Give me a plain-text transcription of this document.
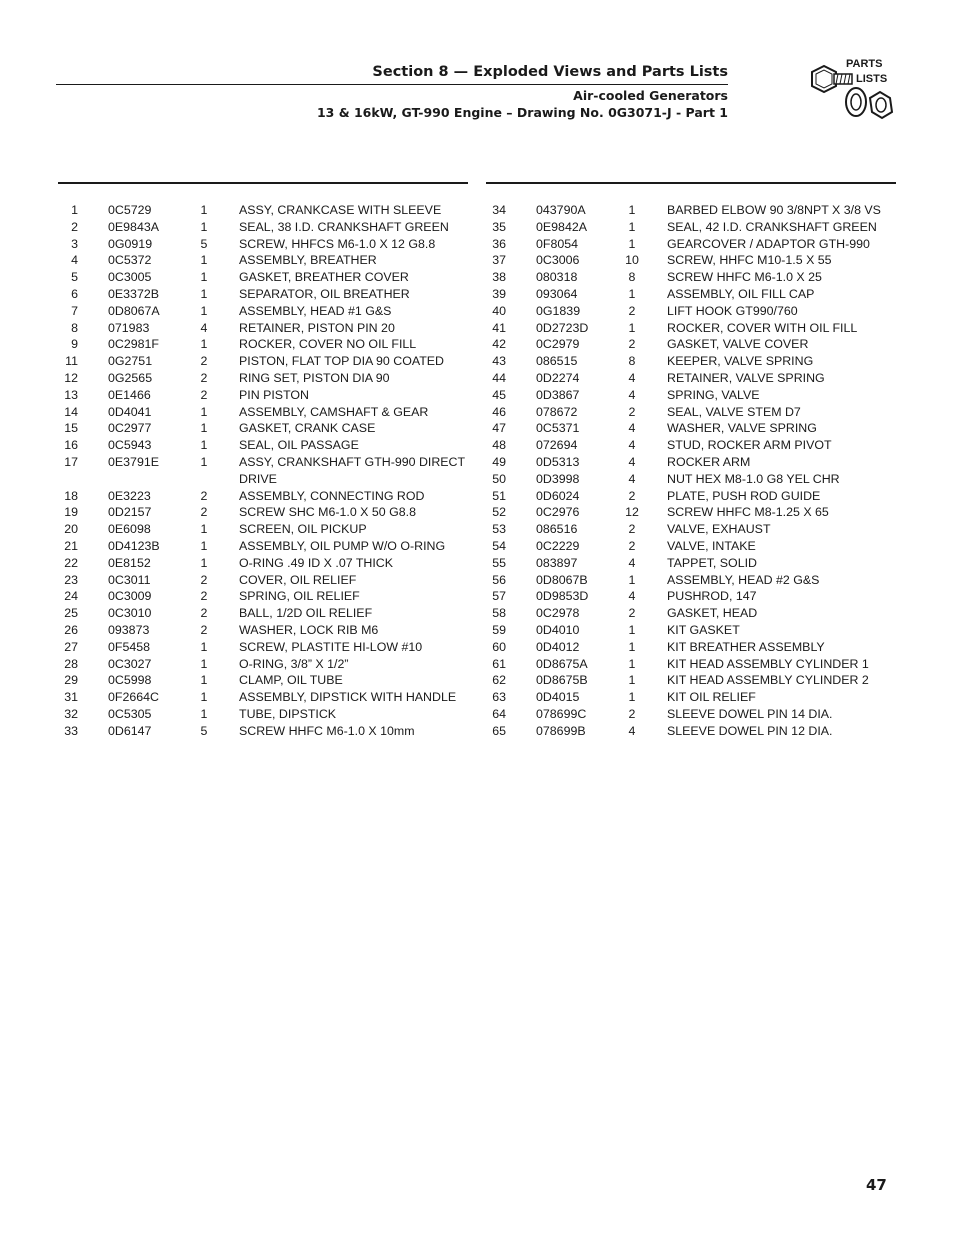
Section 8 — Exploded Views and Parts Lists
Air-cooled Generators
13 & 16kW, GT-990 Engine – Drawing No. 0G3071-J - Part 1
PARTS
LISTS
1 0C5729	1	ASSY, CRANKCASE WITH SLEEVE
2 0E9843A	1	SEAL, 38 I.D. CRANKSHAFT GREEN
3 0G0919	5	SCREW, HHFCS M6-1.0 X 12 G8.8
4 0C5372	1	ASSEMBLY, BREATHER
5 0C3005	1	GASKET, BREATHER COVER
6 0E3372B	1	SEPARATOR, OIL BREATHER
7 0D8067A	1	ASSEMBLY, HEAD #1 G&S
8 071983	4	RETAINER, PISTON PIN 20
9 0C2981F	1	ROCKER, COVER NO OIL FILL
11 0G2751	2	PISTON, FLAT TOP DIA 90 COATED
12 0G2565	2	RING SET, PISTON DIA 90
13 0E1466	2	PIN PISTON
14 0D4041	1	ASSEMBLY, CAMSHAFT & GEAR
15 0C2977	1	GASKET, CRANK CASE
16 0C5943	1	SEAL, OIL PASSAGE
17 0E3791E	1	ASSY, CRANKSHAFT GTH-990 DIRECT DRIVE
18 0E3223	2	ASSEMBLY, CONNECTING ROD
19 0D2157	2	SCREW SHC M6-1.0 X 50 G8.8
20 0E6098	1	SCREEN, OIL PICKUP
21 0D4123B	1	ASSEMBLY, OIL PUMP W/O O-RING
22 0E8152	1	O-RING .49 ID X .07 THICK
23 0C3011	2	COVER, OIL RELIEF
24 0C3009	2	SPRING, OIL RELIEF
25 0C3010	2	BALL, 1/2D OIL RELIEF
26 093873	2	WASHER, LOCK RIB M6
27 0F5458	1	SCREW, PLASTITE HI-LOW #10
28 0C3027	1	O-RING, 3/8” X 1/2”
29 0C5998	1	CLAMP, OIL TUBE
31 0F2664C	1	ASSEMBLY, DIPSTICK WITH HANDLE
32 0C5305	1	TUBE, DIPSTICK
33 0D6147	5	SCREW HHFC M6-1.0 X 10mm
34 043790A	1	BARBED ELBOW 90 3/8NPT X 3/8 VS
35 0E9842A	1	SEAL, 42 I.D. CRANKSHAFT GREEN
36 0F8054	1	GEARCOVER / ADAPTOR GTH-990
37 0C3006	10 SCREW, HHFC M10-1.5 X 55
38 080318	8	SCREW HHFC M6-1.0 X 25
39 093064	1	ASSEMBLY, OIL FILL CAP
40 0G1839	2	LIFT HOOK GT990/760
41 0D2723D	1	ROCKER, COVER WITH OIL FILL
42 0C2979	2	GASKET, VALVE COVER
43 086515	8	KEEPER, VALVE SPRING
44 0D2274	4	RETAINER, VALVE SPRING
45 0D3867	4	SPRING, VALVE
46 078672	2	SEAL, VALVE STEM D7
47 0C5371	4	WASHER, VALVE SPRING
48 072694	4	STUD, ROCKER ARM PIVOT
49 0D5313	4	ROCKER ARM
50 0D3998	4	NUT HEX M8-1.0 G8 YEL CHR
51 0D6024	2	PLATE, PUSH ROD GUIDE
52 0C2976	12 SCREW HHFC M8-1.25 X 65
53 086516	2	VALVE, EXHAUST
54 0C2229	2	VALVE, INTAKE
55 083897	4	TAPPET, SOLID
56 0D8067B	1	ASSEMBLY, HEAD #2 G&S
57 0D9853D	4	PUSHROD, 147
58 0C2978	2	GASKET, HEAD
59 0D4010	1	KIT GASKET
60 0D4012	1	KIT BREATHER ASSEMBLY
61 0D8675A	1	KIT HEAD ASSEMBLY CYLINDER 1
62 0D8675B	1	KIT HEAD ASSEMBLY CYLINDER 2
63 0D4015	1	KIT OIL RELIEF
64 078699C	2	SLEEVE DOWEL PIN 14 DIA.
65 078699B	4	SLEEVE DOWEL PIN 12 DIA.
47
